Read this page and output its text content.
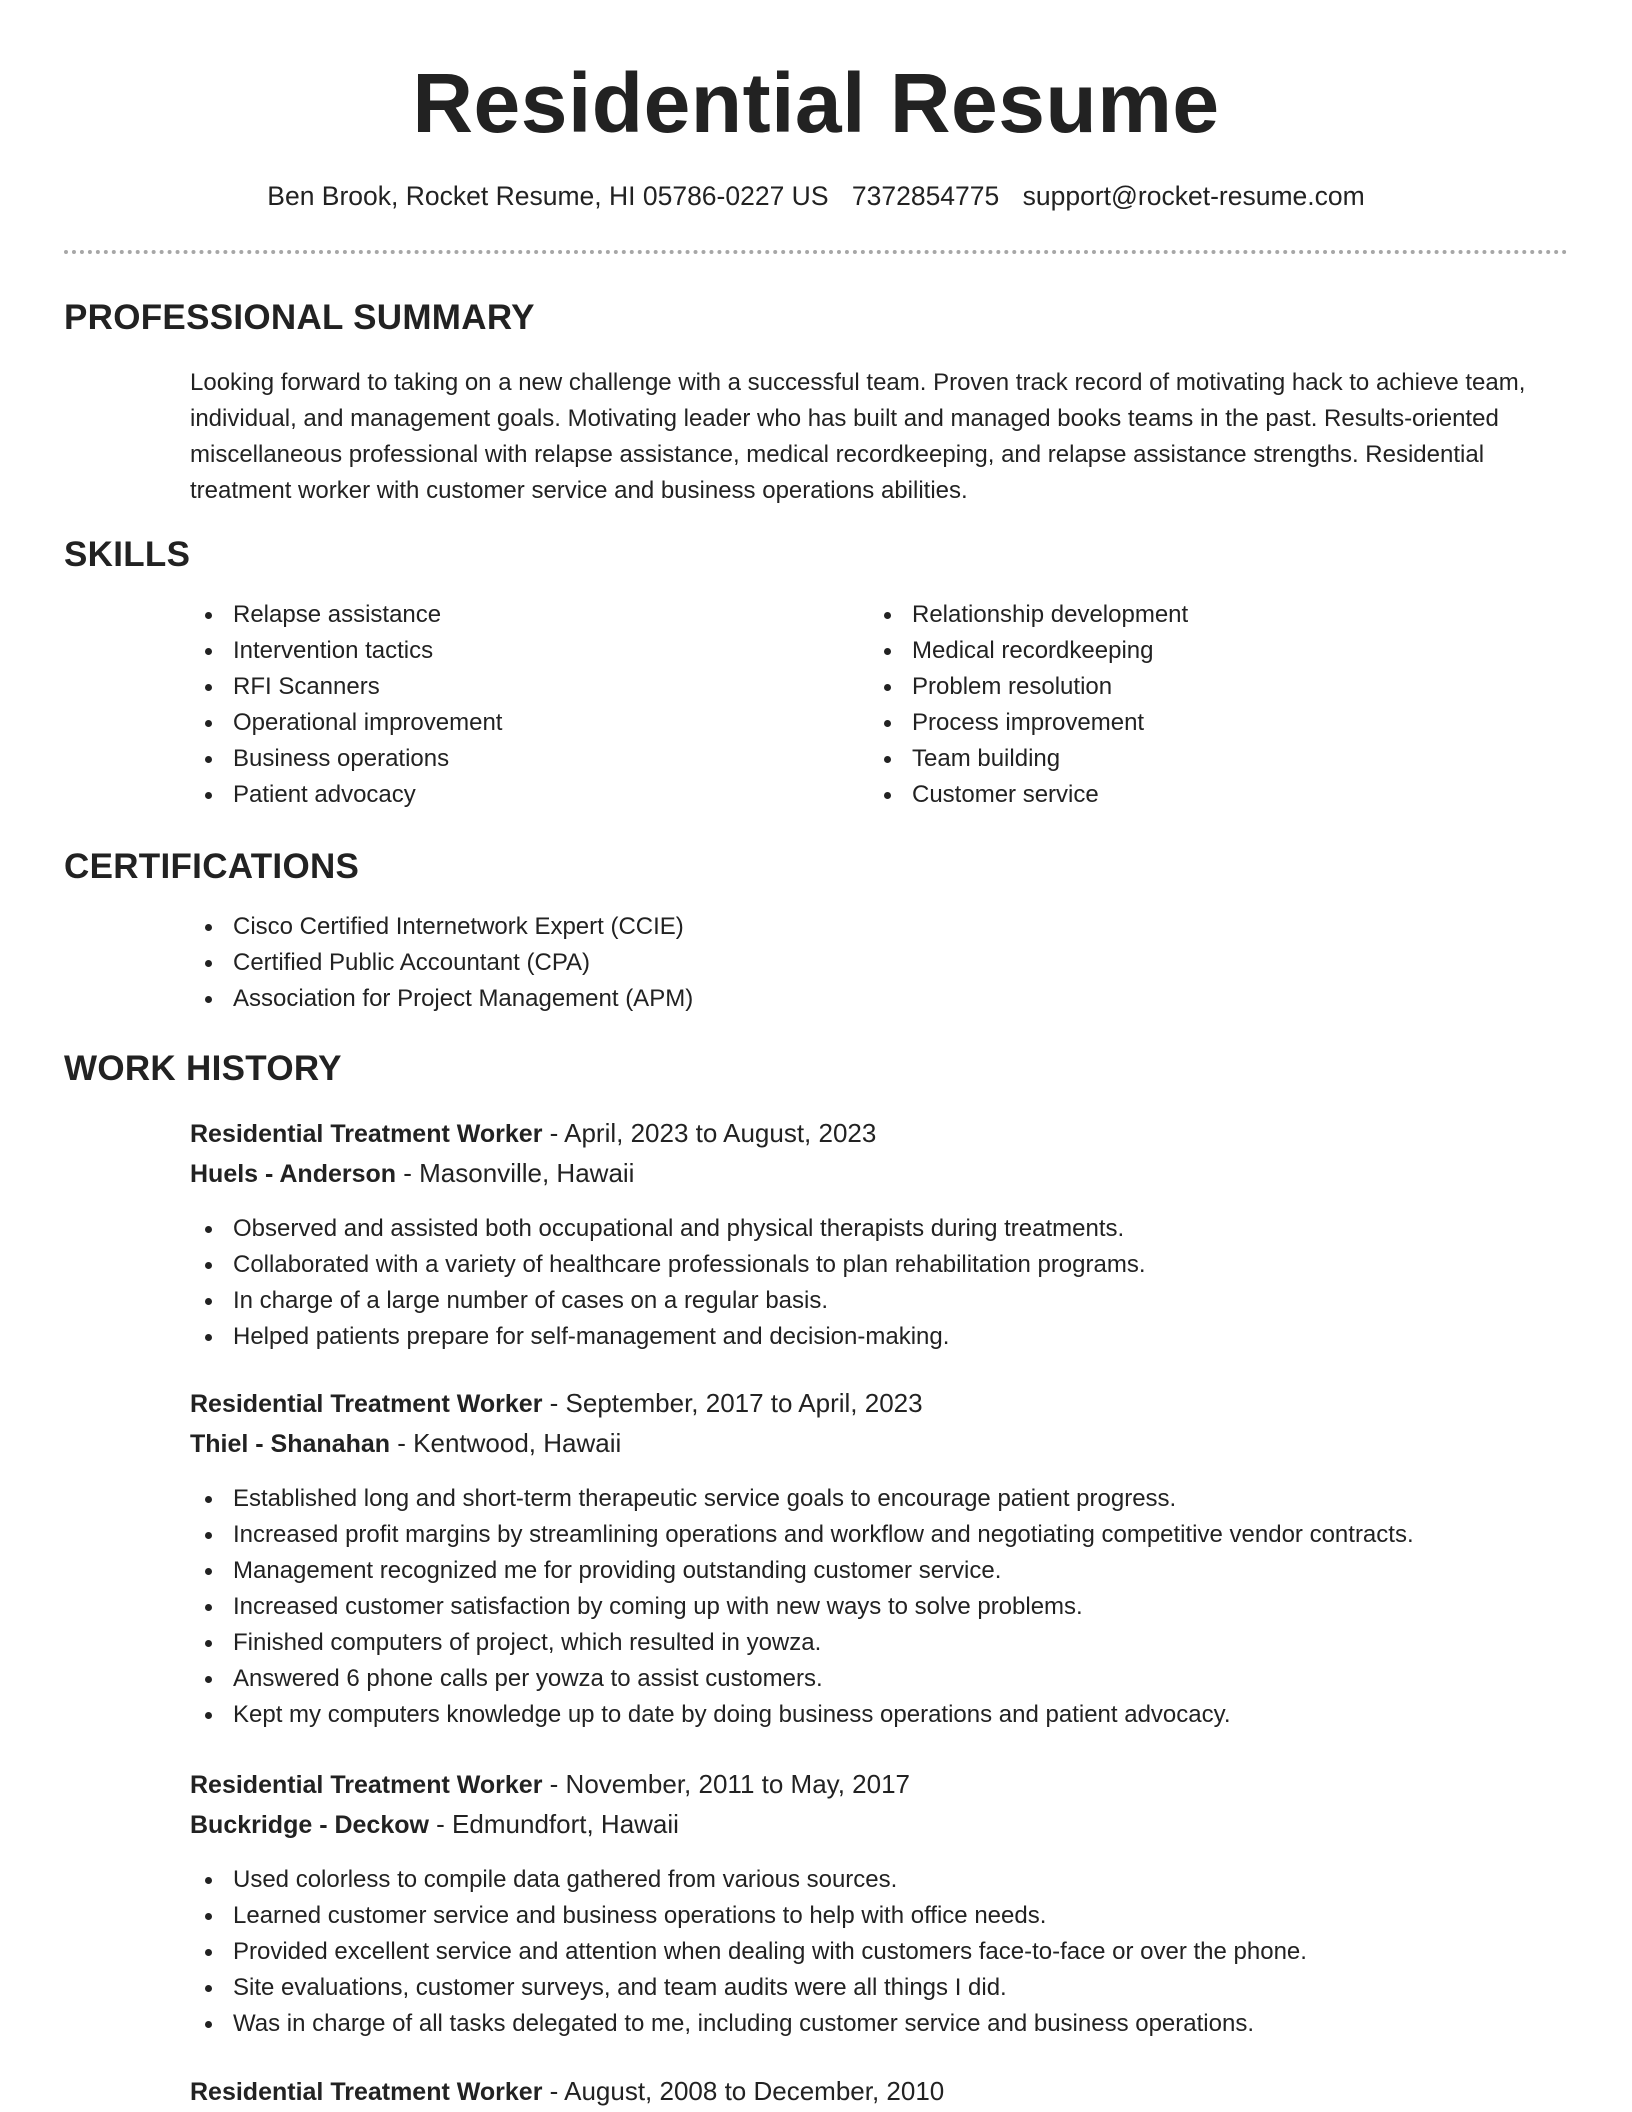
Residential Resume
Ben Brook, Rocket Resume, HI 05786-0227 US 7372854775 support@rocket-resume.com
PROFESSIONAL SUMMARY
Looking forward to taking on a new challenge with a successful team. Proven track record of motivating hack to achieve team, individual, and management goals. Motivating leader who has built and managed books teams in the past. Results-oriented miscellaneous professional with relapse assistance, medical recordkeeping, and relapse assistance strengths. Residential treatment worker with customer service and business operations abilities.
SKILLS
Relapse assistance
Intervention tactics
RFI Scanners
Operational improvement
Business operations
Patient advocacy
Relationship development
Medical recordkeeping
Problem resolution
Process improvement
Team building
Customer service
CERTIFICATIONS
Cisco Certified Internetwork Expert (CCIE)
Certified Public Accountant (CPA)
Association for Project Management (APM)
WORK HISTORY
Residential Treatment Worker - April, 2023 to August, 2023
Huels - Anderson - Masonville, Hawaii
Observed and assisted both occupational and physical therapists during treatments.
Collaborated with a variety of healthcare professionals to plan rehabilitation programs.
In charge of a large number of cases on a regular basis.
Helped patients prepare for self-management and decision-making.
Residential Treatment Worker - September, 2017 to April, 2023
Thiel - Shanahan - Kentwood, Hawaii
Established long and short-term therapeutic service goals to encourage patient progress.
Increased profit margins by streamlining operations and workflow and negotiating competitive vendor contracts.
Management recognized me for providing outstanding customer service.
Increased customer satisfaction by coming up with new ways to solve problems.
Finished computers of project, which resulted in yowza.
Answered 6 phone calls per yowza to assist customers.
Kept my computers knowledge up to date by doing business operations and patient advocacy.
Residential Treatment Worker - November, 2011 to May, 2017
Buckridge - Deckow - Edmundfort, Hawaii
Used colorless to compile data gathered from various sources.
Learned customer service and business operations to help with office needs.
Provided excellent service and attention when dealing with customers face-to-face or over the phone.
Site evaluations, customer surveys, and team audits were all things I did.
Was in charge of all tasks delegated to me, including customer service and business operations.
Residential Treatment Worker - August, 2008 to December, 2010
